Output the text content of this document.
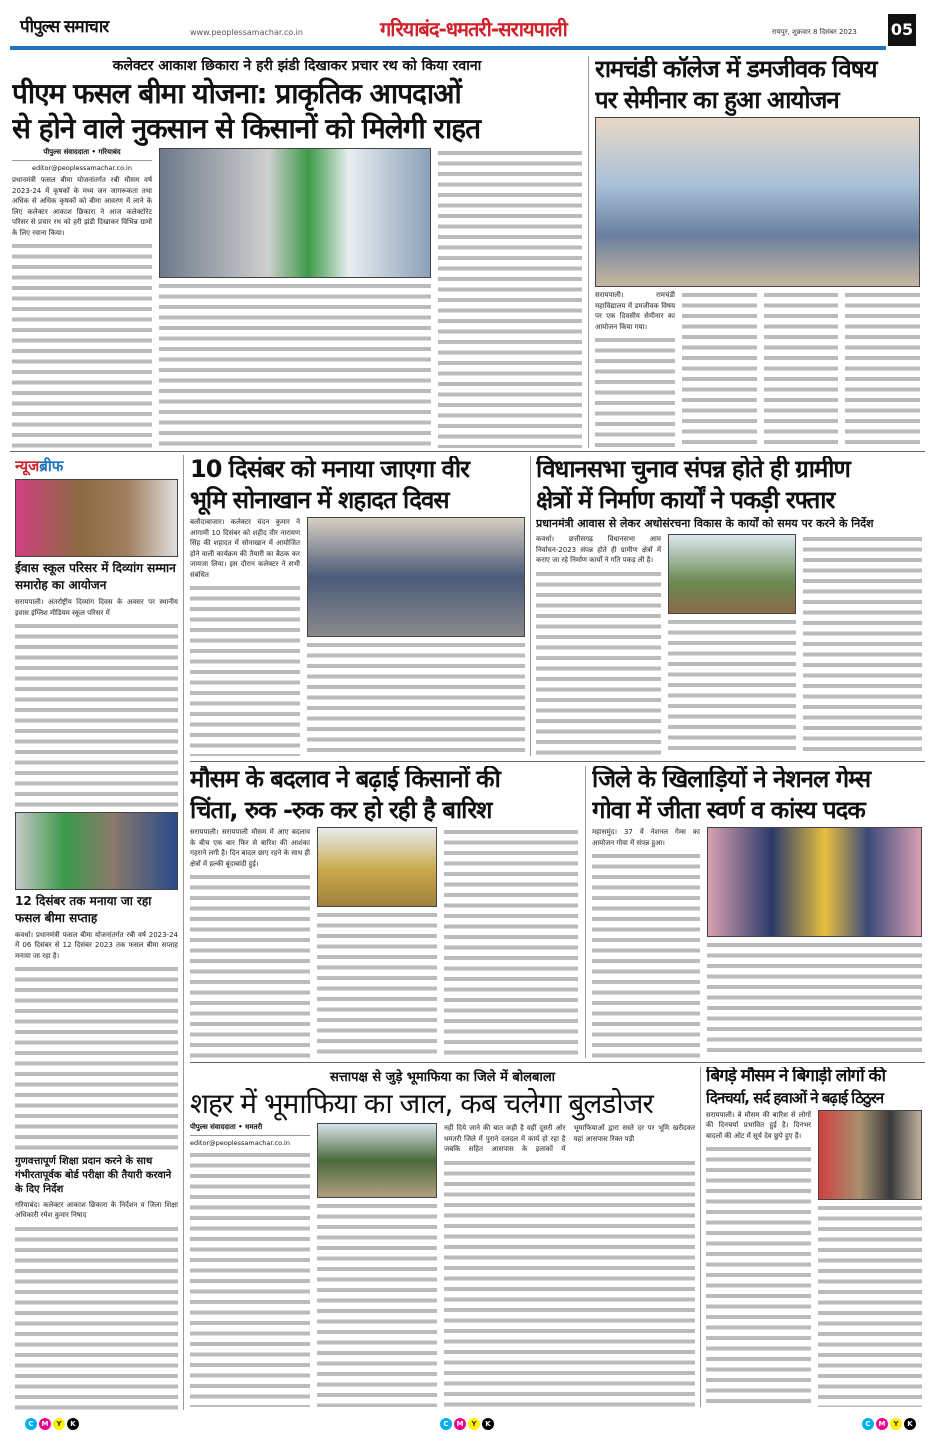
पीपुल्स समाचार	www.peoplessamachar.co.in	गरियाबंद-धमतरी-सरायपाली	रायपुर, शुक्रवार 8 दिसंबर 2023	05
कलेक्टर आकाश छिकारा ने हरी झंडी दिखाकर प्रचार रथ को किया रवाना
पीएम फसल बीमा योजना: प्राकृतिक आपदाओं
से होने वाले नुकसान से किसानों को मिलेगी राहत
पीपुल्स संवाददाता • गरियाबंद
editor@peoplessamachar.co.in
प्रधानमंत्री फसल बीमा योजनांतर्गत रबी मौसम वर्ष 2023-24 में कृषकों के मध्य जन जागरूकता तथा अधिक से अधिक कृषकों को बीमा आवरण में लाने के लिए कलेक्टर आकाश छिकारा ने आज कलेक्टोरेट परिसर से प्रचार रथ को हरी झंडी दिखाकर विभिन्न ग्रामों के लिए रवाना किया।
रामचंडी कॉलेज में डमजीवक विषय
पर सेमीनार का हुआ आयोजन
सरायपाली। रामचंडी महाविद्यालय में डमजीवक विषय पर एक दिवसीय सेमीनार का आयोजन किया गया।
न्यूजब्रीफ
ईवास स्कूल परिसर में दिव्यांग सम्मान समारोह का आयोजन
सरायपाली। अंतर्राष्ट्रीय दिव्यांग दिवस के अवसर पर स्थानीय इवास इंग्लिश मीडियम स्कूल परिसर में
12 दिसंबर तक मनाया जा रहा फसल बीमा सप्ताह
कवर्धा। प्रधानमंत्री फसल बीमा योजनांतर्गत रबी वर्ष 2023-24 में 06 दिसंबर से 12 दिसंबर 2023 तक फसल बीमा सप्ताह मनाया जा रहा है।
गुणवत्तापूर्ण शिक्षा प्रदान करने के साथ गंभीरतापूर्वक बोर्ड परीक्षा की तैयारी करवाने के दिए निर्देश
गरियाबंद। कलेक्टर आकाश छिकारा के निर्देशन व जिला शिक्षा अधिकारी रमेश कुमार निषाद
10 दिसंबर को मनाया जाएगा वीर
भूमि सोनाखान में शहादत दिवस
बलौदाबाजार। कलेक्टर चंदन कुमार ने आगामी 10 दिसंबर को शहीद वीर नारायण सिंह की शहादत में सोनाखान में आयोजित होने वाली कार्यक्रम की तैयारी का बैठक कर जायजा लिया। इस दौरान कलेक्टर ने सभी संबंधित
विधानसभा चुनाव संपन्न होते ही ग्रामीण
क्षेत्रों में निर्माण कार्यों ने पकड़ी रफ्तार
प्रधानमंत्री आवास से लेकर अधोसंरचना विकास के कार्यों को समय पर करने के निर्देश
कवर्धा। छत्तीसगढ़ विधानसभा आम निर्वाचन-2023 संपन्न होते ही ग्रामीण क्षेत्रों में कराए जा रहे निर्माण कार्यों ने गति पकड़ ली है।
मौसम के बदलाव ने बढ़ाई किसानों की
चिंता, रुक -रुक कर हो रही है बारिश
सरायपाली। सरायपाली मौसम में आए बदलाव के बीच एक बार फिर से बारिश की आशंका गहराने लगी है। दिन बादल छाए रहने के साथ ही क्षेत्रों में हल्की बूंदाबांदी हुई।
जिले के खिलाड़ियों ने नेशनल गेम्स
गोवा में जीता स्वर्ण व कांस्य पदक
महासमुंद। 37 वें नेशनल गेम्स का आयोजन गोवा में संपन्न हुआ।
सत्तापक्ष से जुड़े भूमाफिया का जिले में बोलबाला
शहर में भूमाफिया का जाल, कब चलेगा बुलडोजर
पीपुल्स संवाददाता • धमतरी
editor@peoplessamachar.co.in
नहीं दिये जाने की बात कही है वहीं दूसरी ओर धमतरी जिले में पुराने दलदल में कार्य हो रहा है जबकि सहित आसपास के इलाकों में भूमाफियाओं द्वारा सस्ते दर पर भूमि खरीदकर यहां आसपास रिक्त पड़ी
बिगड़े मौसम ने बिगाड़ी लोगों की
दिनचर्या, सर्द हवाओं ने बढ़ाई ठिठुरन
सरायपाली। बे मौसम की बारिश से लोगों की दिनचर्या प्रभावित हुई है। दिनभर बादलों की ओट में सूर्य देव छुपे हुए हैं।
C M Y K	C M Y K	C M Y K
